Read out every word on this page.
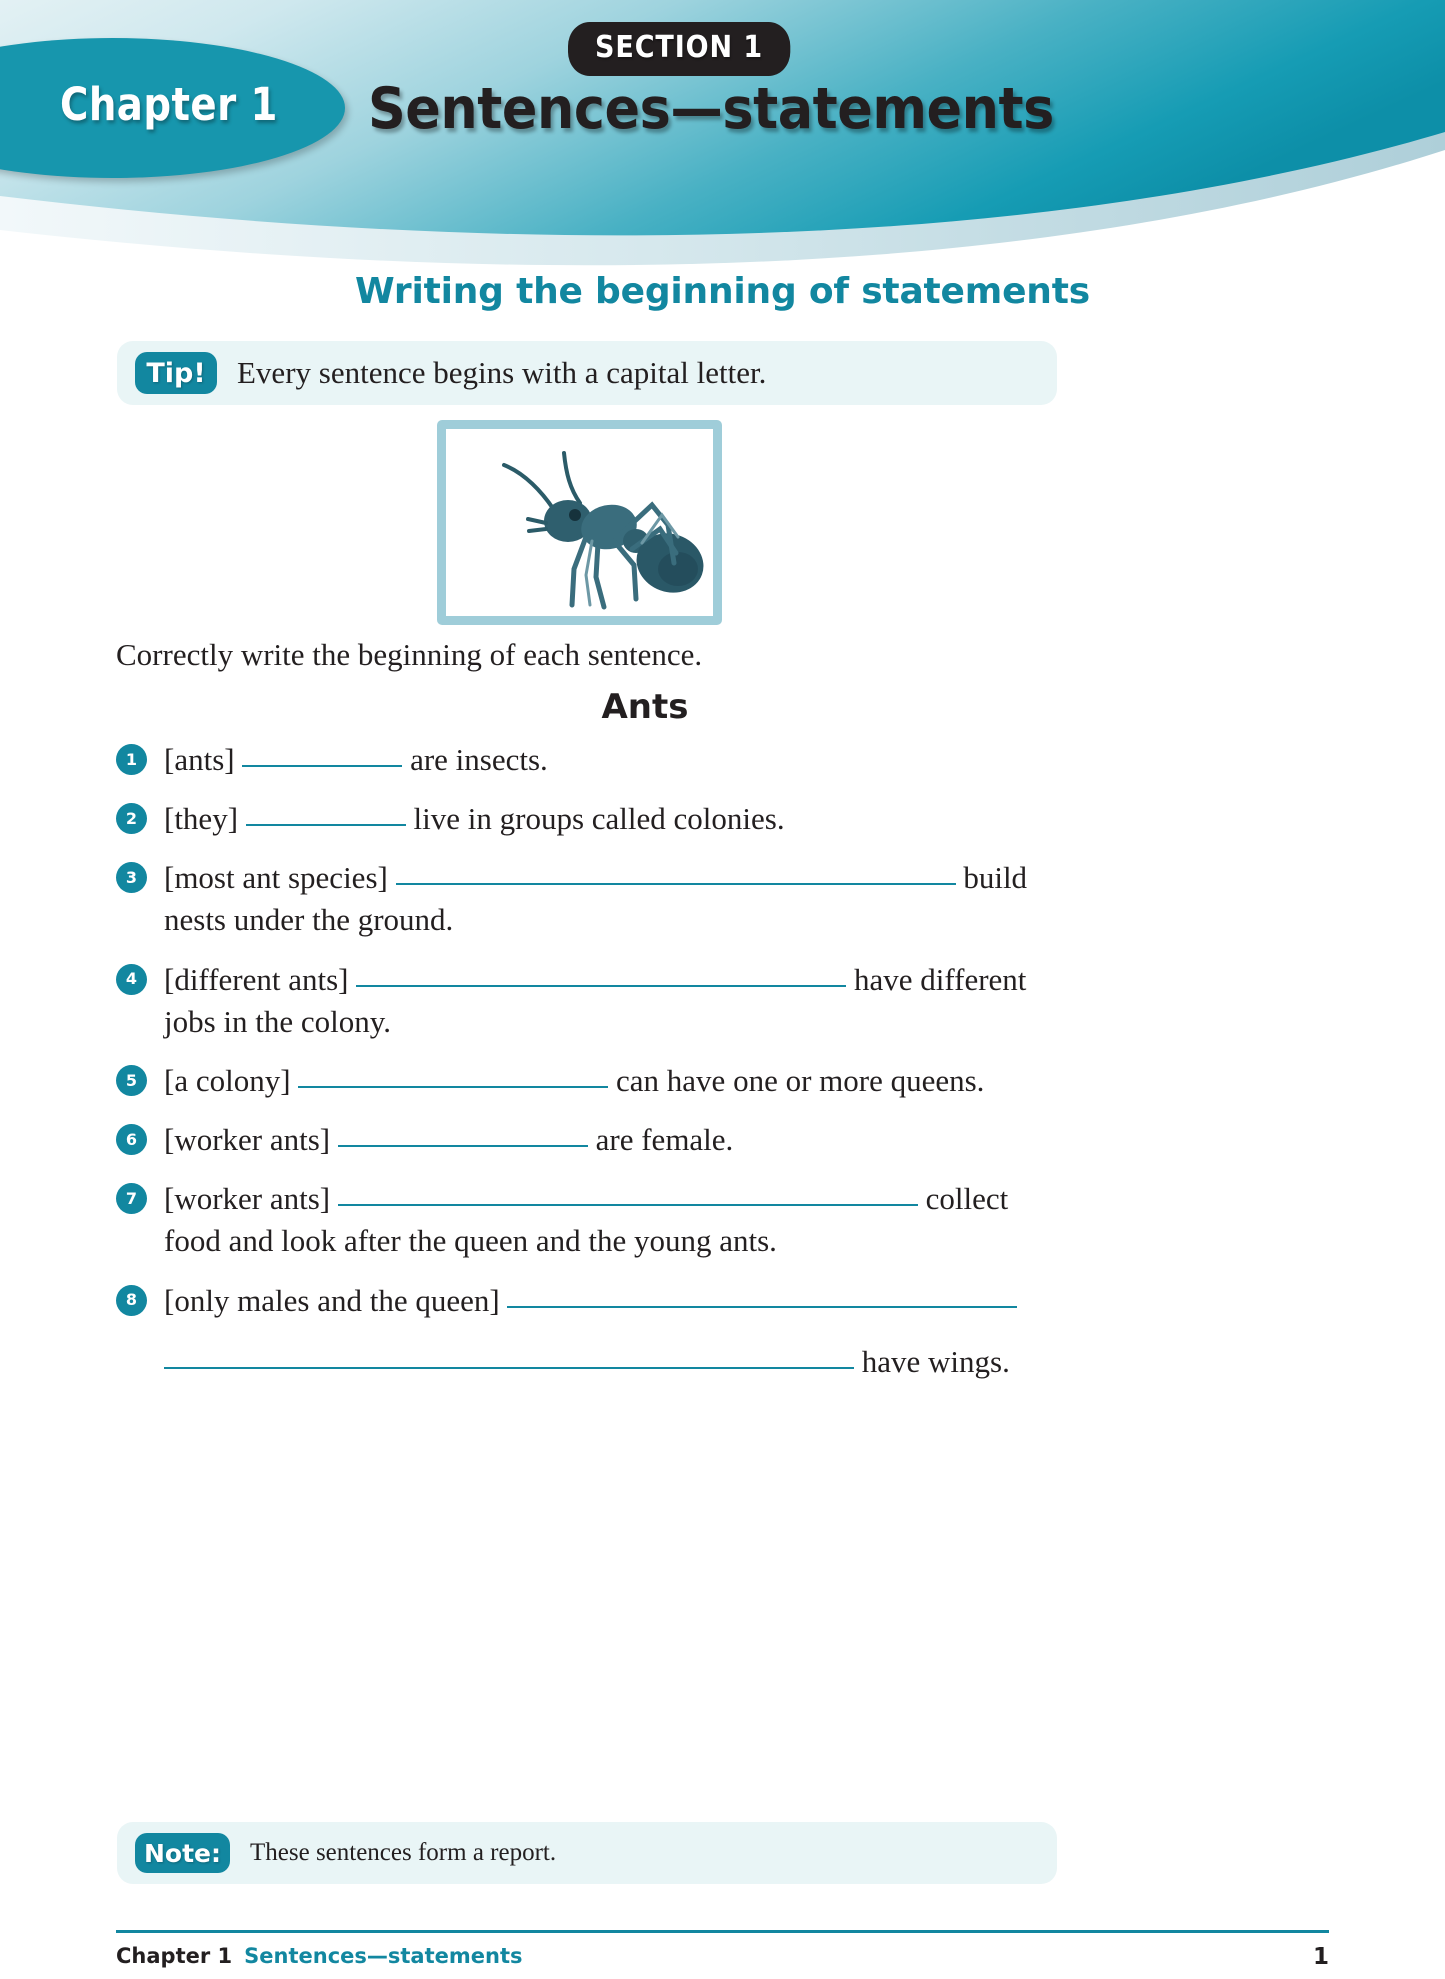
Chapter 1 Sentences—statements
SECTION 1
Writing the beginning of statements
Tip!	Every sentence begins with a capital letter.
Correctly write the beginning of each sentence.
Ants
1 [ants]	are insects.
2 [they]	live in groups called colonies.
3 [most ant species]	build
nests under the ground.
4 [different ants]	have different
jobs in the colony.
5 [a colony]	can have one or more queens.
6 [worker ants]	are female.
7 [worker ants]	collect
food and look after the queen and the young ants.
8 [only males and the queen]
have wings.
Note:	These sentences form a report.
Chapter 1 Sentences—statements	1
